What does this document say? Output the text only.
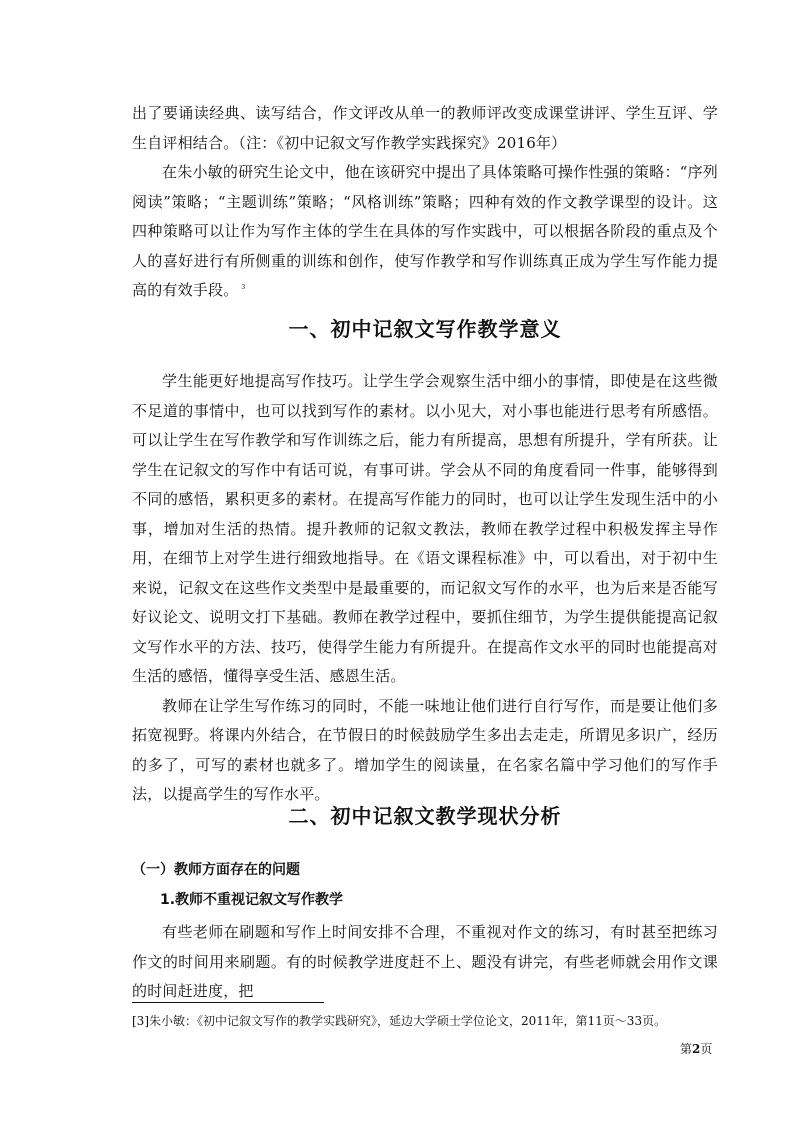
出了要诵读经典、读写结合，作文评改从单一的教师评改变成课堂讲评、学生互评、学生自评相结合。（注：《初中记叙文写作教学实践探究》2016年）

在朱小敏的研究生论文中，他在该研究中提出了具体策略可操作性强的策略：“序列阅读”策略；“主题训练”策略；“风格训练”策略；四种有效的作文教学课型的设计。这四种策略可以让作为写作主体的学生在具体的写作实践中，可以根据各阶段的重点及个人的喜好进行有所侧重的训练和创作，使写作教学和写作训练真正成为学生写作能力提高的有效手段。 $^3$

一、初中记叙文写作教学意义

学生能更好地提高写作技巧。让学生学会观察生活中细小的事情，即使是在这些微不足道的事情中，也可以找到写作的素材。以小见大，对小事也能进行思考有所感悟。可以让学生在写作教学和写作训练之后，能力有所提高，思想有所提升，学有所获。让学生在记叙文的写作中有话可说，有事可讲。学会从不同的角度看同一件事，能够得到不同的感悟，累积更多的素材。在提高写作能力的同时，也可以让学生发现生活中的小事，增加对生活的热情。提升教师的记叙文教法，教师在教学过程中积极发挥主导作用，在细节上对学生进行细致地指导。在《语文课程标准》中，可以看出，对于初中生来说，记叙文在这些作文类型中是最重要的，而记叙文写作的水平，也为后来是否能写好议论文、说明文打下基础。教师在教学过程中，要抓住细节，为学生提供能提高记叙文写作水平的方法、技巧，使得学生能力有所提升。在提高作文水平的同时也能提高对生活的感悟，懂得享受生活、感恩生活。

教师在让学生写作练习的同时，不能一味地让他们进行自行写作，而是要让他们多拓宽视野。将课内外结合，在节假日的时候鼓励学生多出去走走，所谓见多识广，经历的多了，可写的素材也就多了。增加学生的阅读量，在名家名篇中学习他们的写作手法，以提高学生的写作水平。

二、初中记叙文教学现状分析
（一）教师方面存在的问题
1.教师不重视记叙文写作教学

有些老师在刷题和写作上时间安排不合理，不重视对作文的练习，有时甚至把练习作文的时间用来刷题。有的时候教学进度赶不上、题没有讲完，有些老师就会用作文课的时间赶进度，把

[3]朱小敏：《初中记叙文写作的教学实践研究》，延边大学硕士学位论文，2011年，第11页～33页。

第2页
